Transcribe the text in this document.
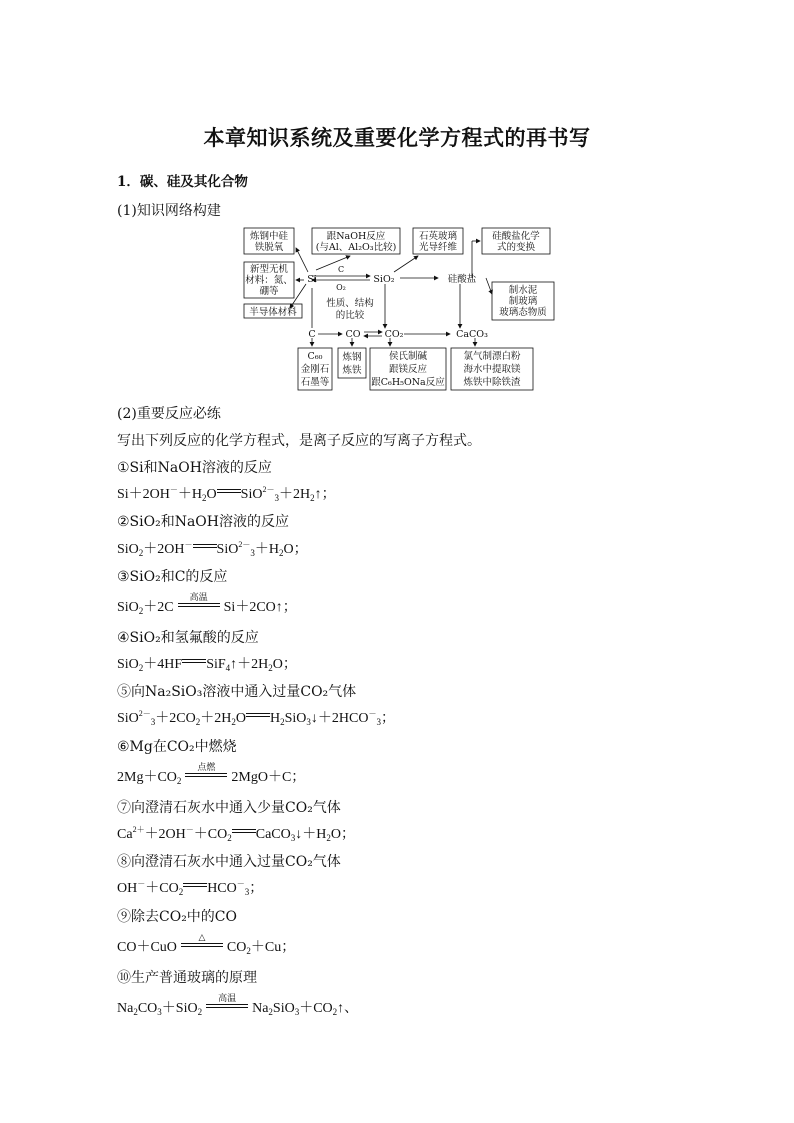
本章知识系统及重要化学方程式的再书写
1．碳、硅及其化合物
(1)知识网络构建
炼钢中硅
铁脱氧
跟NaOH反应
(与Al、Al₂O₃比较)
石英玻璃
光导纤维
硅酸盐化学
式的变换
新型无机
材料：氮、
硼等
半导体材料
制水泥
制玻璃
玻璃态物质
C₆₀
金刚石
石墨等
炼钢
炼铁
侯氏制碱
跟镁反应
跟C₆H₅ONa反应
氯气制漂白粉
海水中提取镁
炼铁中除铁渣
Si	SiO₂	硅酸盐
C	CO	CO₂	CaCO₃
C
O₂
性质、结构
的比较
(2)重要反应必练
写出下列反应的化学方程式，是离子反应的写离子方程式。
①Si和NaOH溶液的反应
$Si+2OH^-+H_2O$ $SiO^{2-}_3+2H_2↑$；
②SiO₂和NaOH溶液的反应
SiO$_2$＋2OH－ $SiO^{2-}_3+H_2O$；
③SiO₂和C的反应
SiO$_2$＋2C
高温
Si＋2CO↑；
④SiO₂和氢氟酸的反应
SiO$_2$＋4HF $SiF_4↑+2H_2O$；
⑤向Na₂SiO₃溶液中通入过量CO₂气体
$SiO^{2-}_3+2CO_2+2H_2O$ $H_2SiO_3↓+2HCO^-_3$；
⑥Mg在CO₂中燃烧
$2Mg+CO_2$
点燃
2MgO＋C；
⑦向澄清石灰水中通入少量CO₂气体
$Ca^{2+}+2OH^-+CO_2$ $CaCO_3↓+H_2O$；
⑧向澄清石灰水中通入过量CO₂气体
$OH^-+CO_2$ $HCO^-_3$；
⑨除去CO₂中的CO
CO＋CuO
△
$CO_2+Cu$；
⑩生产普通玻璃的原理
$Na_2CO_3+SiO_2$
高温
$Na_2SiO_3+CO_2↑$、
